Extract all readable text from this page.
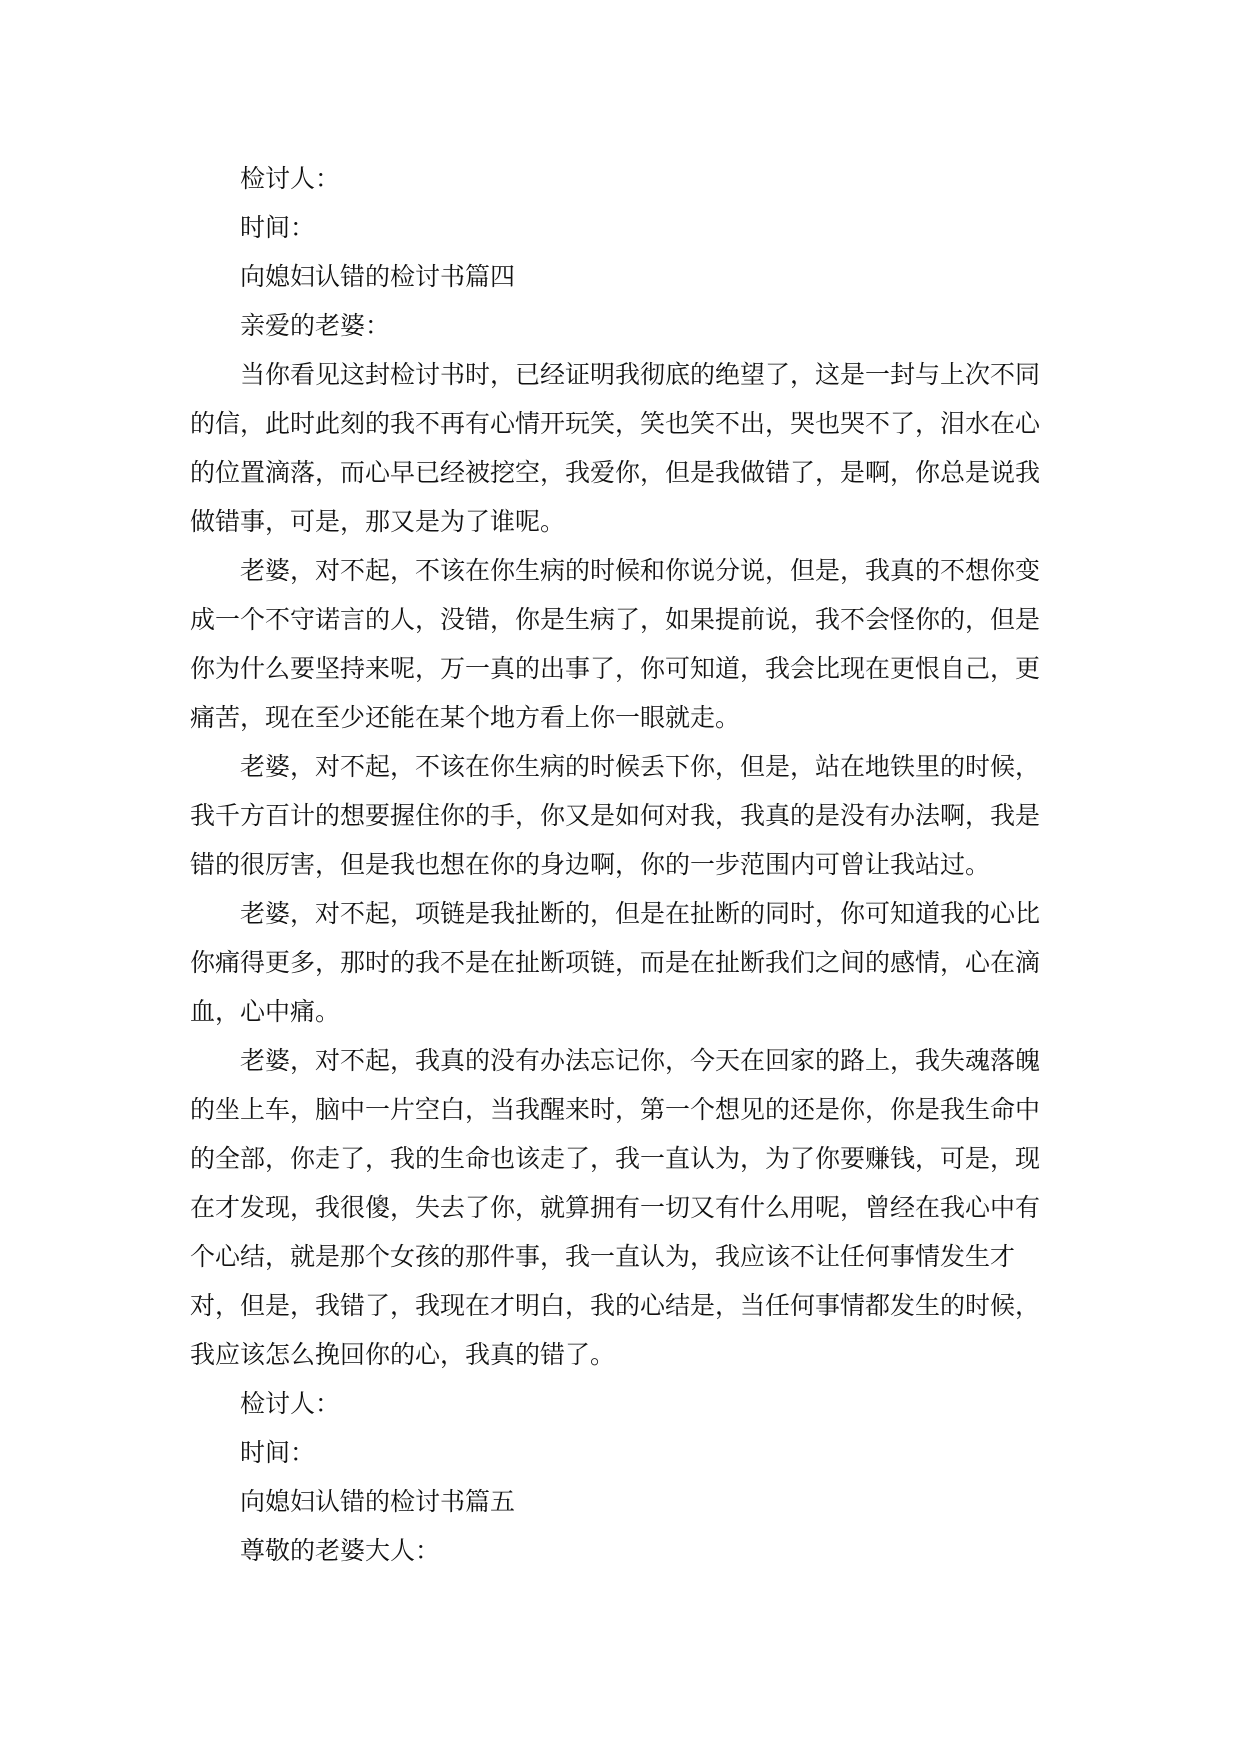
检讨人：

时间：

向媳妇认错的检讨书篇四

亲爱的老婆：

当你看见这封检讨书时，已经证明我彻底的绝望了，这是一封与上次不同

的信，此时此刻的我不再有心情开玩笑，笑也笑不出，哭也哭不了，泪水在心

的位置滴落，而心早已经被挖空，我爱你，但是我做错了，是啊，你总是说我

做错事，可是，那又是为了谁呢。

老婆，对不起，不该在你生病的时候和你说分说，但是，我真的不想你变

成一个不守诺言的人，没错，你是生病了，如果提前说，我不会怪你的，但是

你为什么要坚持来呢，万一真的出事了，你可知道，我会比现在更恨自己，更

痛苦，现在至少还能在某个地方看上你一眼就走。

老婆，对不起，不该在你生病的时候丢下你，但是，站在地铁里的时候，

我千方百计的想要握住你的手，你又是如何对我，我真的是没有办法啊，我是

错的很厉害，但是我也想在你的身边啊，你的一步范围内可曾让我站过。

老婆，对不起，项链是我扯断的，但是在扯断的同时，你可知道我的心比

你痛得更多，那时的我不是在扯断项链，而是在扯断我们之间的感情，心在滴

血，心中痛。

老婆，对不起，我真的没有办法忘记你，今天在回家的路上，我失魂落魄

的坐上车，脑中一片空白，当我醒来时，第一个想见的还是你，你是我生命中

的全部，你走了，我的生命也该走了，我一直认为，为了你要赚钱，可是，现

在才发现，我很傻，失去了你，就算拥有一切又有什么用呢，曾经在我心中有

个心结，就是那个女孩的那件事，我一直认为，我应该不让任何事情发生才

对，但是，我错了，我现在才明白，我的心结是，当任何事情都发生的时候，

我应该怎么挽回你的心，我真的错了。

检讨人：

时间：

向媳妇认错的检讨书篇五

尊敬的老婆大人：
